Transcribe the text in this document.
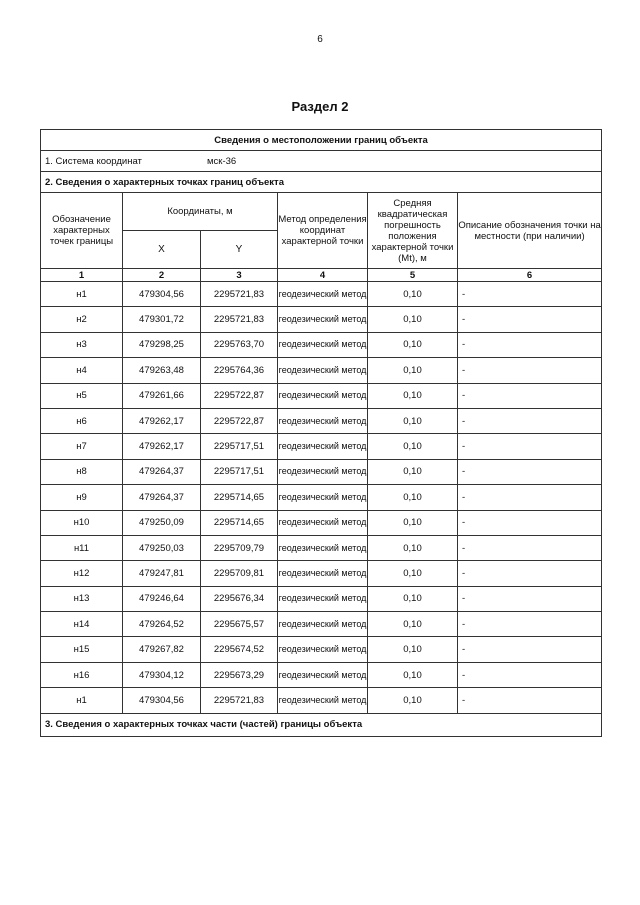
6
Раздел 2
Сведения о местоположении границ объекта					
1. Система координат мск-36					
2. Сведения о характерных точках границ объекта					
Обозначение характерных точек границы	Координаты, м		Метод определения координат характерной точки	Средняя квадратическая погрешность положения характерной точки (Mt), м	Описание обозначения точки на местности (при наличии)
	X	Y			
1	2	3	4	5	6
н1	479304,56	2295721,83	геодезический метод	0,10	-
н2	479301,72	2295721,83	геодезический метод	0,10	-
н3	479298,25	2295763,70	геодезический метод	0,10	-
н4	479263,48	2295764,36	геодезический метод	0,10	-
н5	479261,66	2295722,87	геодезический метод	0,10	-
н6	479262,17	2295722,87	геодезический метод	0,10	-
н7	479262,17	2295717,51	геодезический метод	0,10	-
н8	479264,37	2295717,51	геодезический метод	0,10	-
н9	479264,37	2295714,65	геодезический метод	0,10	-
н10	479250,09	2295714,65	геодезический метод	0,10	-
н11	479250,03	2295709,79	геодезический метод	0,10	-
н12	479247,81	2295709,81	геодезический метод	0,10	-
н13	479246,64	2295676,34	геодезический метод	0,10	-
н14	479264,52	2295675,57	геодезический метод	0,10	-
н15	479267,82	2295674,52	геодезический метод	0,10	-
н16	479304,12	2295673,29	геодезический метод	0,10	-
н1	479304,56	2295721,83	геодезический метод	0,10	-
3. Сведения о характерных точках части (частей) границы объекта					
